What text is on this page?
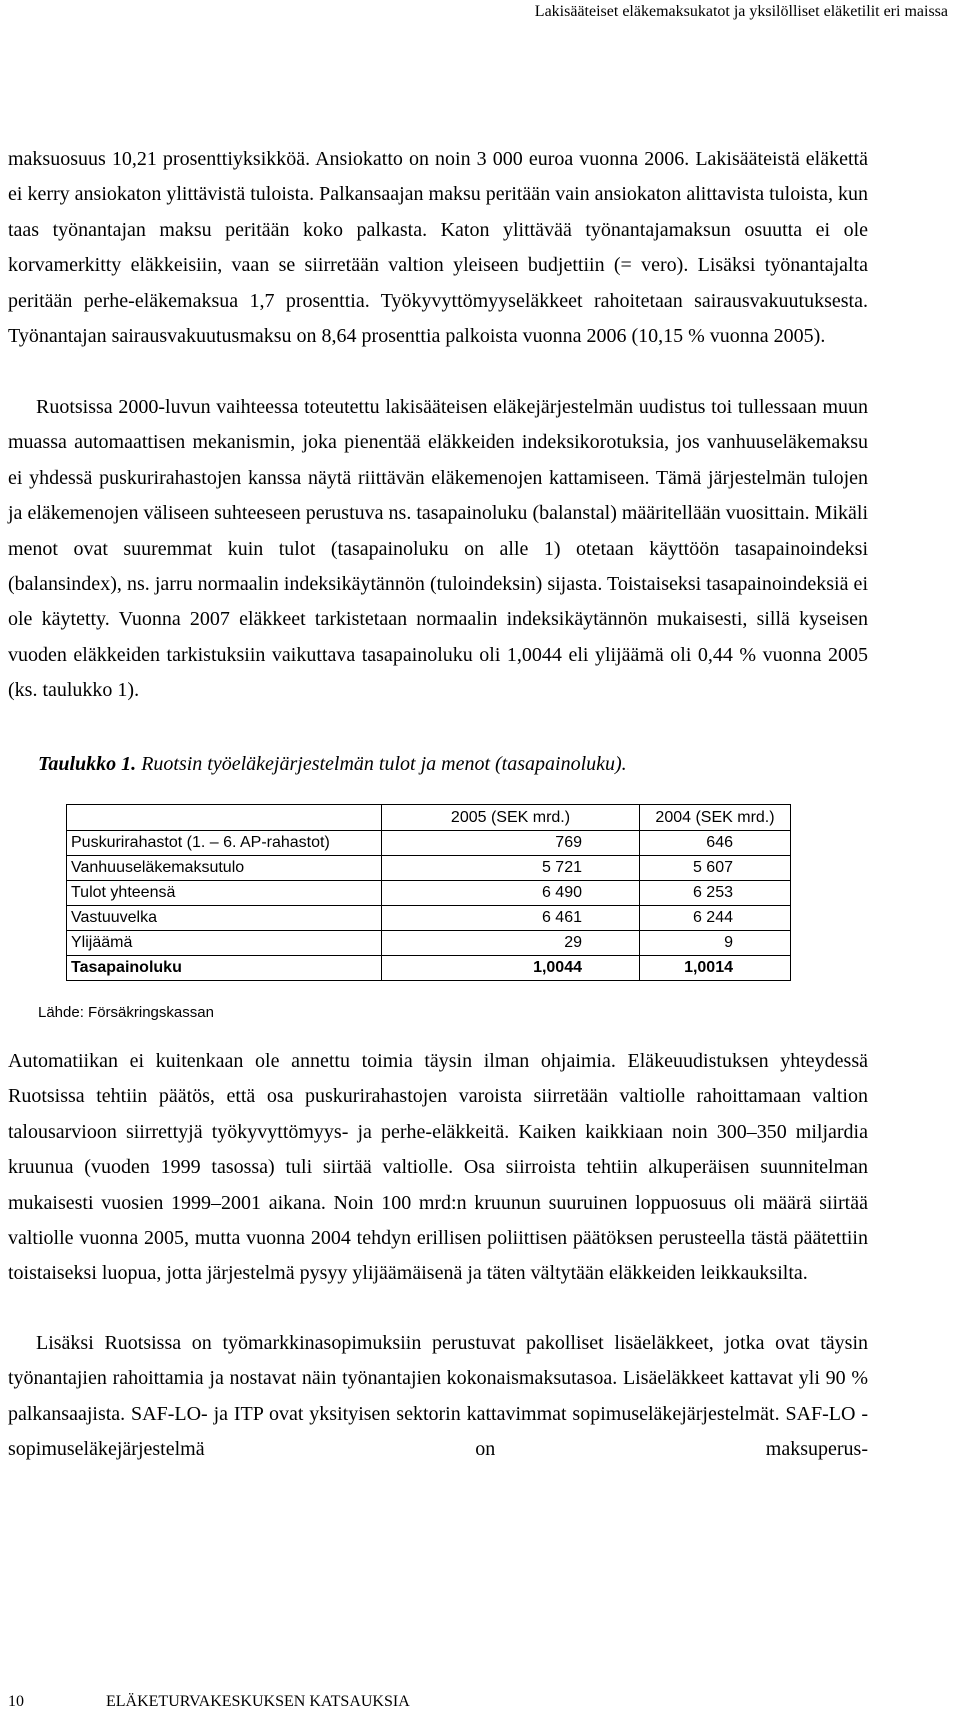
Lakisääteiset eläkemaksukatot ja yksilölliset eläketilit eri maissa

maksuosuus 10,21 prosenttiyksikköä. Ansiokatto on noin 3 000 euroa vuonna 2006. Lakisääteistä eläkettä ei kerry ansiokaton ylittävistä tuloista. Palkansaajan maksu peritään vain ansiokaton alittavista tuloista, kun taas työnantajan maksu peritään koko palkasta. Katon ylittävää työnantajamaksun osuutta ei ole korvamerkitty eläkkeisiin, vaan se siirretään valtion yleiseen budjettiin (= vero). Lisäksi työnantajalta peritään perhe-eläkemaksua 1,7 prosenttia. Työkyvyttömyyseläkkeet rahoitetaan sairausvakuutuksesta. Työnantajan sairausvakuutusmaksu on 8,64 prosenttia palkoista vuonna 2006 (10,15 % vuonna 2005).

Ruotsissa 2000-luvun vaihteessa toteutettu lakisääteisen eläkejärjestelmän uudistus toi tullessaan muun muassa automaattisen mekanismin, joka pienentää eläkkeiden indeksikorotuksia, jos vanhuuseläkemaksu ei yhdessä puskurirahastojen kanssa näytä riittävän eläkemenojen kattamiseen. Tämä järjestelmän tulojen ja eläkemenojen väliseen suhteeseen perustuva ns. tasapainoluku (balanstal) määritellään vuosittain. Mikäli menot ovat suuremmat kuin tulot (tasapainoluku on alle 1) otetaan käyttöön tasapainoindeksi (balansindex), ns. jarru normaalin indeksikäytännön (tuloindeksin) sijasta. Toistaiseksi tasapainoindeksiä ei ole käytetty. Vuonna 2007 eläkkeet tarkistetaan normaalin indeksikäytännön mukaisesti, sillä kyseisen vuoden eläkkeiden tarkistuksiin vaikuttava tasapainoluku oli 1,0044 eli ylijäämä oli 0,44 % vuonna 2005 (ks. taulukko 1).

Taulukko 1. Ruotsin työeläkejärjestelmän tulot ja menot (tasapainoluku).
	2005 (SEK mrd.)	2004 (SEK mrd.)
Puskurirahastot (1. – 6. AP-rahastot)	769	646
Vanhuuseläkemaksutulo	5 721	5 607
Tulot yhteensä	6 490	6 253
Vastuuvelka	6 461	6 244
Ylijäämä	29	9
Tasapainoluku	1,0044	1,0014
Lähde: Försäkringskassan

Automatiikan ei kuitenkaan ole annettu toimia täysin ilman ohjaimia. Eläkeuudistuksen yhteydessä Ruotsissa tehtiin päätös, että osa puskurirahastojen varoista siirretään valtiolle rahoittamaan valtion talousarvioon siirrettyjä työkyvyttömyys- ja perhe-eläkkeitä. Kaiken kaikkiaan noin 300–350 miljardia kruunua (vuoden 1999 tasossa) tuli siirtää valtiolle. Osa siirroista tehtiin alkuperäisen suunnitelman mukaisesti vuosien 1999–2001 aikana. Noin 100 mrd:n kruunun suuruinen loppuosuus oli määrä siirtää valtiolle vuonna 2005, mutta vuonna 2004 tehdyn erillisen poliittisen päätöksen perusteella tästä päätettiin toistaiseksi luopua, jotta järjestelmä pysyy ylijäämäisenä ja täten vältytään eläkkeiden leikkauksilta.

Lisäksi Ruotsissa on työmarkkinasopimuksiin perustuvat pakolliset lisäeläkkeet, jotka ovat täysin työnantajien rahoittamia ja nostavat näin työnantajien kokonaismaksutasoa. Lisäeläkkeet kattavat yli 90 % palkansaajista. SAF-LO- ja ITP ovat yksityisen sektorin kattavimmat sopimuseläkejärjestelmät. SAF-LO -sopimuseläkejärjestelmä on maksuperus-

10	ELÄKETURVAKESKUKSEN KATSAUKSIA
